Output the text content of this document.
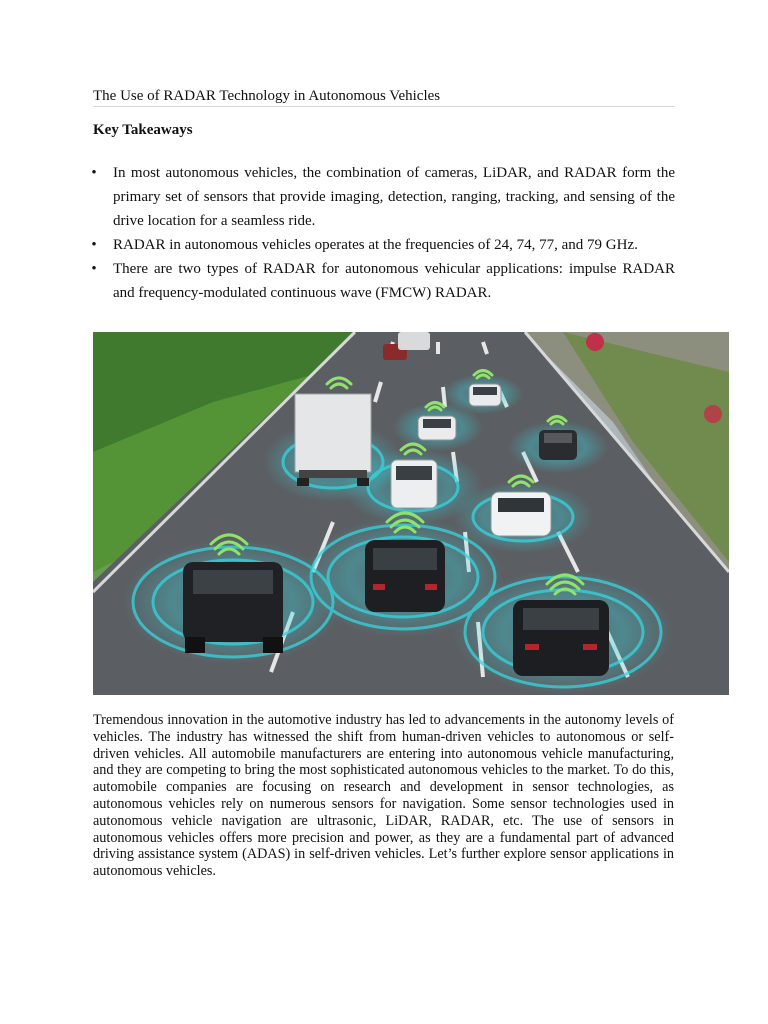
The Use of RADAR Technology in Autonomous Vehicles
Key Takeaways
• In most autonomous vehicles, the combination of cameras, LiDAR, and RADAR form the primary set of sensors that provide imaging, detection, ranging, tracking, and sensing of the drive location for a seamless ride.
• RADAR in autonomous vehicles operates at the frequencies of 24, 74, 77, and 79 GHz.
• There are two types of RADAR for autonomous vehicular applications: impulse RADAR and frequency-modulated continuous wave (FMCW) RADAR.

Tremendous innovation in the automotive industry has led to advancements in the autonomy levels of vehicles. The industry has witnessed the shift from human-driven vehicles to autonomous or self-driven vehicles. All automobile manufacturers are entering into autonomous vehicle manufacturing, and they are competing to bring the most sophisticated autonomous vehicles to the market. To do this, automobile companies are focusing on research and development in sensor technologies, as autonomous vehicles rely on numerous sensors for navigation. Some sensor technologies used in autonomous vehicle navigation are ultrasonic, LiDAR, RADAR, etc. The use of sensors in autonomous vehicles offers more precision and power, as they are a fundamental part of advanced driving assistance system (ADAS) in self-driven vehicles. Let’s further explore sensor applications in autonomous vehicles.
